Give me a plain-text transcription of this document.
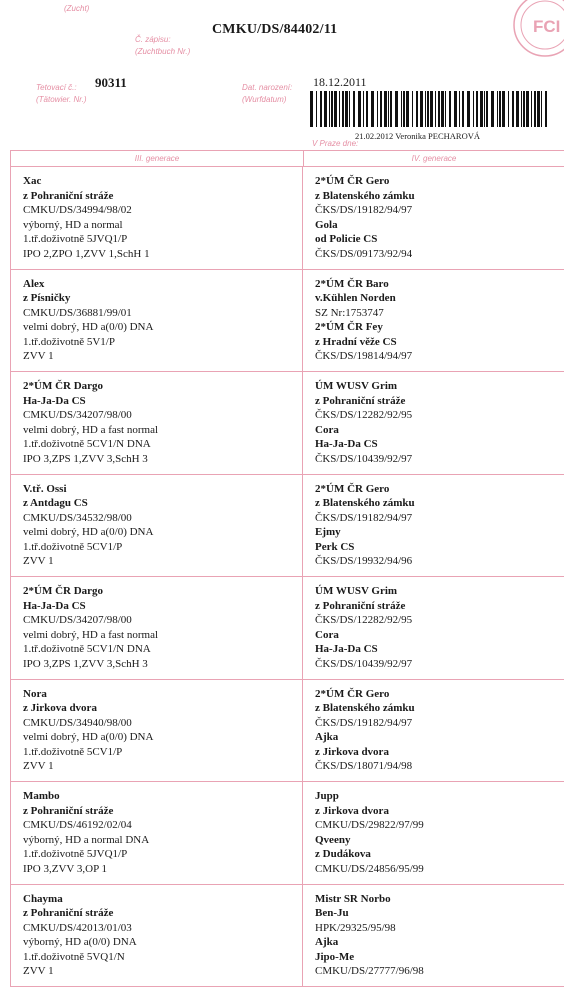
(Zucht)
Č. zápisu:
(Zuchtbuch Nr.)
CMKU/DS/84402/11
Tetovací č.:
(Tätowier. Nr.)
90311	Dat. narození:
(Wurfdatum)
18.12.2011
V Praze dne:
21.02.2012 Veronika PECHAROVÁ
FCI
III. generace	IV. generace
Xac
z Pohraniční stráže
CMKU/DS/34994/98/02
výborný, HD a normal
1.tř.doživotně 5JVQ1/P
IPO 2,ZPO 1,ZVV 1,SchH 1
2*ÚM ČR Gero
z Blatenského zámku
ČKS/DS/19182/94/97
Gola
od Policie CS
ČKS/DS/09173/92/94
Alex
z Písničky
CMKU/DS/36881/99/01
velmi dobrý, HD a(0/0) DNA
1.tř.doživotně 5V1/P
ZVV 1
2*ÚM ČR Baro
v.Kühlen Norden
SZ Nr:1753747
2*ÚM ČR Fey
z Hradní věže CS
ČKS/DS/19814/94/97
2*ÚM ČR Dargo
Ha-Ja-Da CS
CMKU/DS/34207/98/00
velmi dobrý, HD a fast normal
1.tř.doživotně 5CV1/N DNA
IPO 3,ZPS 1,ZVV 3,SchH 3
ÚM WUSV Grim
z Pohraniční stráže
ČKS/DS/12282/92/95
Cora
Ha-Ja-Da CS
ČKS/DS/10439/92/97
V.tř. Ossi
z Antdagu CS
CMKU/DS/34532/98/00
velmi dobrý, HD a(0/0) DNA
1.tř.doživotně 5CV1/P
ZVV 1
2*ÚM ČR Gero
z Blatenského zámku
ČKS/DS/19182/94/97
Ejmy
Perk CS
ČKS/DS/19932/94/96
2*ÚM ČR Dargo
Ha-Ja-Da CS
CMKU/DS/34207/98/00
velmi dobrý, HD a fast normal
1.tř.doživotně 5CV1/N DNA
IPO 3,ZPS 1,ZVV 3,SchH 3
ÚM WUSV Grim
z Pohraniční stráže
ČKS/DS/12282/92/95
Cora
Ha-Ja-Da CS
ČKS/DS/10439/92/97
Nora
z Jirkova dvora
CMKU/DS/34940/98/00
velmi dobrý, HD a(0/0) DNA
1.tř.doživotně 5CV1/P
ZVV 1
2*ÚM ČR Gero
z Blatenského zámku
ČKS/DS/19182/94/97
Ajka
z Jirkova dvora
ČKS/DS/18071/94/98
Mambo
z Pohraniční stráže
CMKU/DS/46192/02/04
výborný, HD a normal DNA
1.tř.doživotně 5JVQ1/P
IPO 3,ZVV 3,OP 1
Jupp
z Jirkova dvora
CMKU/DS/29822/97/99
Qveeny
z Dudákova
CMKU/DS/24856/95/99
Chayma
z Pohraniční stráže
CMKU/DS/42013/01/03
výborný, HD a(0/0) DNA
1.tř.doživotně 5VQ1/N
ZVV 1
Mistr SR Norbo
Ben-Ju
HPK/29325/95/98
Ajka
Jipo-Me
CMKU/DS/27777/96/98
